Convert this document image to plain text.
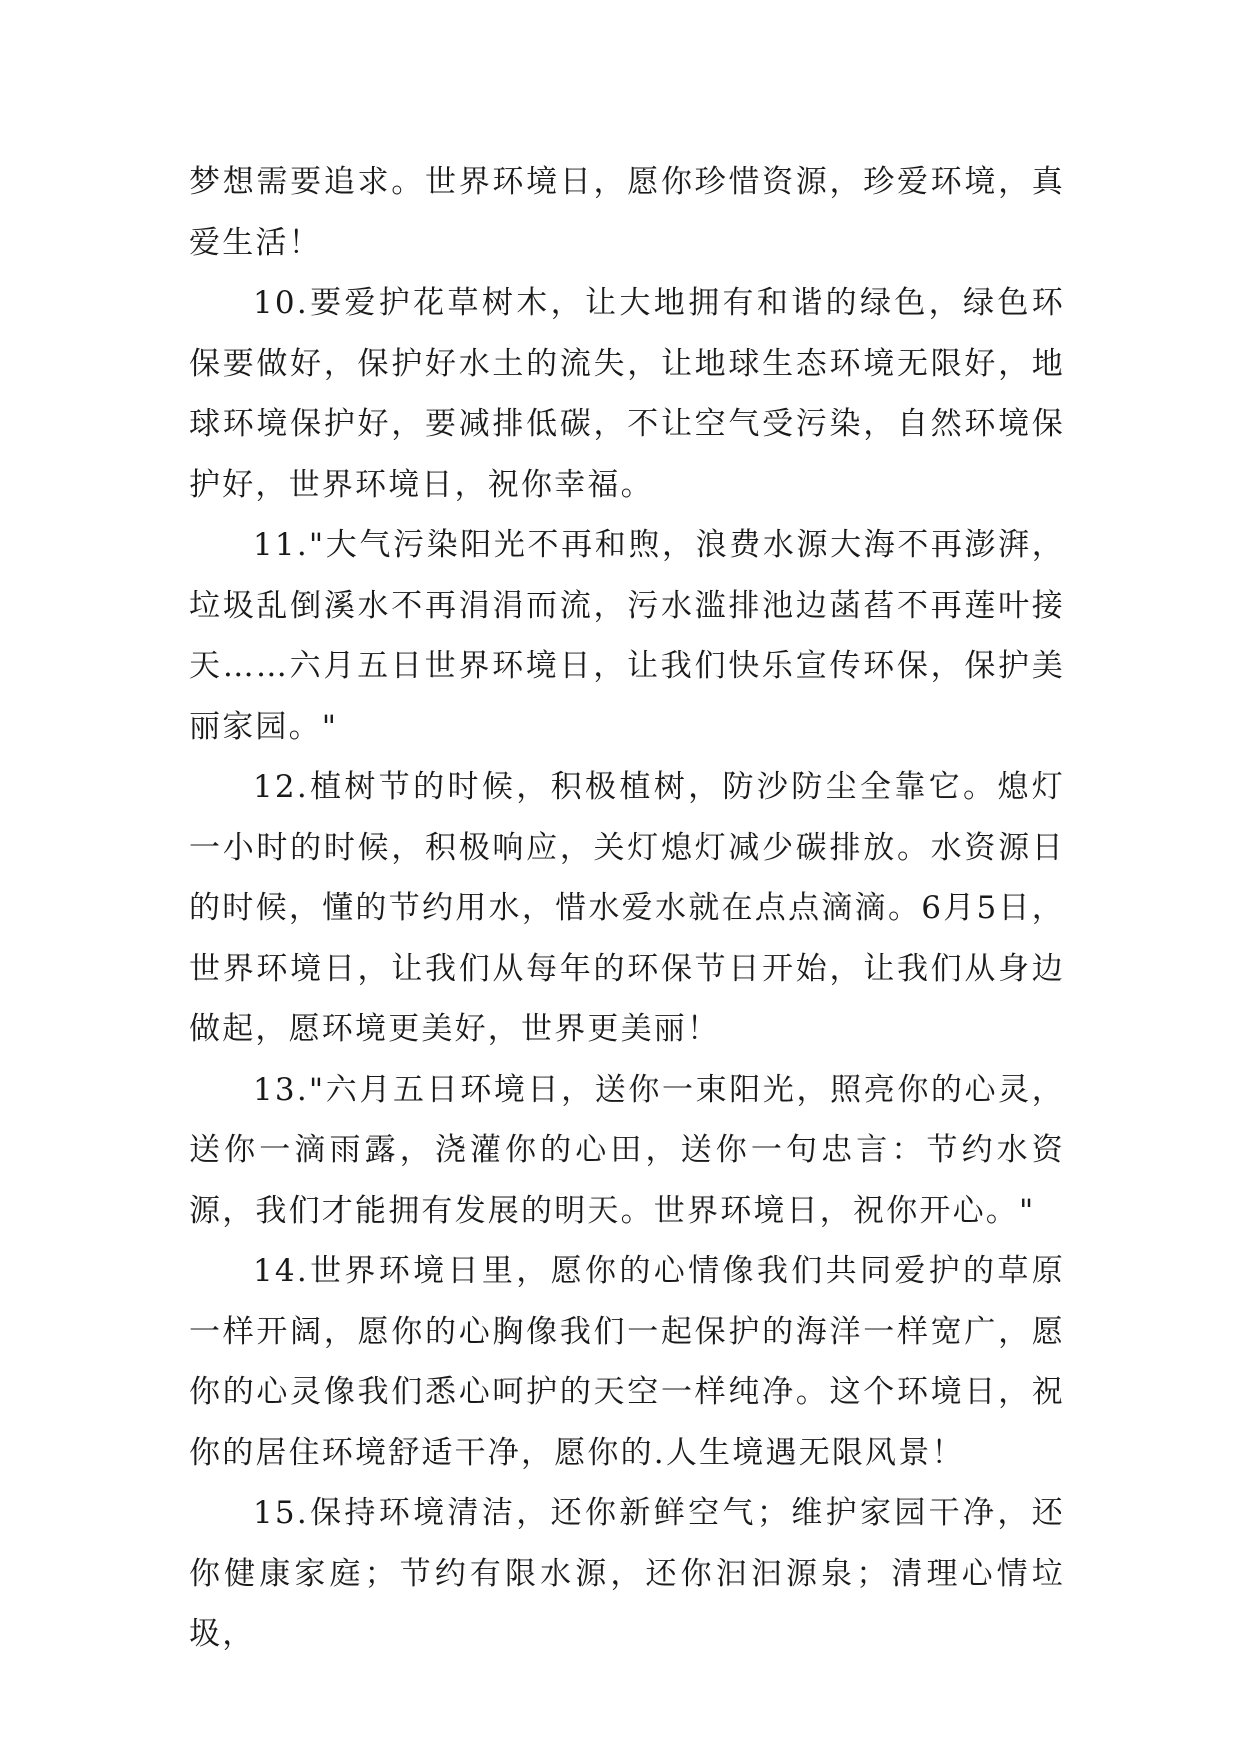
梦想需要追求。世界环境日，愿你珍惜资源，珍爱环境，真爱生活！

10.要爱护花草树木，让大地拥有和谐的绿色，绿色环保要做好，保护好水土的流失，让地球生态环境无限好，地球环境保护好，要减排低碳，不让空气受污染，自然环境保护好，世界环境日，祝你幸福。

11."大气污染阳光不再和煦，浪费水源大海不再澎湃，垃圾乱倒溪水不再涓涓而流，污水滥排池边菡萏不再莲叶接天……六月五日世界环境日，让我们快乐宣传环保，保护美丽家园。"

12.植树节的时候，积极植树，防沙防尘全靠它。熄灯一小时的时候，积极响应，关灯熄灯减少碳排放。水资源日的时候，懂的节约用水，惜水爱水就在点点滴滴。6月5日，世界环境日，让我们从每年的环保节日开始，让我们从身边做起，愿环境更美好，世界更美丽！

13."六月五日环境日，送你一束阳光，照亮你的心灵，送你一滴雨露，浇灌你的心田，送你一句忠言：节约水资源，我们才能拥有发展的明天。世界环境日，祝你开心。"

14.世界环境日里，愿你的心情像我们共同爱护的草原一样开阔，愿你的心胸像我们一起保护的海洋一样宽广，愿你的心灵像我们悉心呵护的天空一样纯净。这个环境日，祝你的居住环境舒适干净，愿你的.人生境遇无限风景！

15.保持环境清洁，还你新鲜空气；维护家园干净，还你健康家庭；节约有限水源，还你汩汩源泉；清理心情垃圾，
